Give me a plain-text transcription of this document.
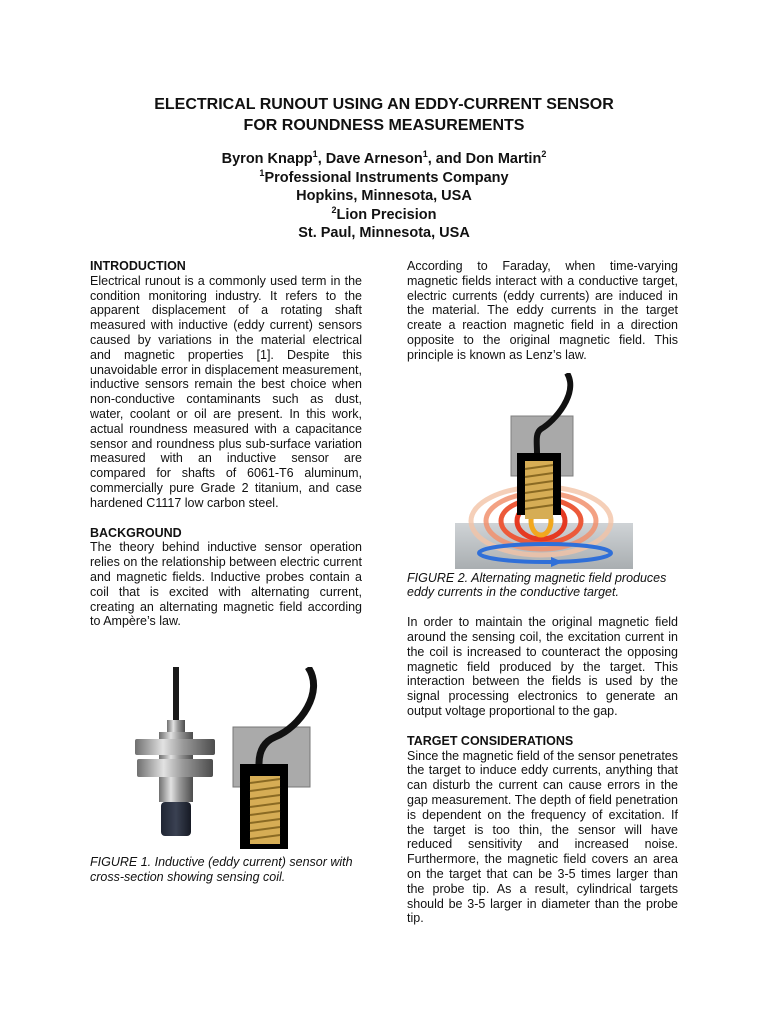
ELECTRICAL RUNOUT USING AN EDDY-CURRENT SENSOR
FOR ROUNDNESS MEASUREMENTS
Byron Knapp$^1$, Dave Arneson$^1$, and Don Martin$^2$
$^1$Professional Instruments Company
Hopkins, Minnesota, USA
$^2$Lion Precision
St. Paul, Minnesota, USA
INTRODUCTION
Electrical runout is a commonly used term in the condition monitoring industry. It refers to the apparent displacement of a rotating shaft measured with inductive (eddy current) sensors caused by variations in the material electrical and magnetic properties [1]. Despite this unavoidable error in displacement measurement, inductive sensors remain the best choice when non-conductive contaminants such as dust, water, coolant or oil are present. In this work, actual roundness measured with a capacitance sensor and roundness plus sub-surface variation measured with an inductive sensor are compared for shafts of 6061-T6 aluminum, commercially pure Grade 2 titanium, and case hardened C1117 low carbon steel.
BACKGROUND
The theory behind inductive sensor operation relies on the relationship between electric current and magnetic fields. Inductive probes contain a coil that is excited with alternating current, creating an alternating magnetic field according to Ampère’s law.
FIGURE 1. Inductive (eddy current) sensor with cross-section showing sensing coil.
According to Faraday, when time-varying magnetic fields interact with a conductive target, electric currents (eddy currents) are induced in the material. The eddy currents in the target create a reaction magnetic field in a direction opposite to the original magnetic field. This principle is known as Lenz’s law.
FIGURE 2. Alternating magnetic field produces eddy currents in the conductive target.
In order to maintain the original magnetic field around the sensing coil, the excitation current in the coil is increased to counteract the opposing magnetic field produced by the target. This interaction between the fields is used by the signal processing electronics to generate an output voltage proportional to the gap.
TARGET CONSIDERATIONS
Since the magnetic field of the sensor penetrates the target to induce eddy currents, anything that can disturb the current can cause errors in the gap measurement. The depth of field penetration is dependent on the frequency of excitation. If the target is too thin, the sensor will have reduced sensitivity and increased noise. Furthermore, the magnetic field covers an area on the target that can be 3-5 times larger than the probe tip. As a result, cylindrical targets should be 3-5 larger in diameter than the probe tip.
